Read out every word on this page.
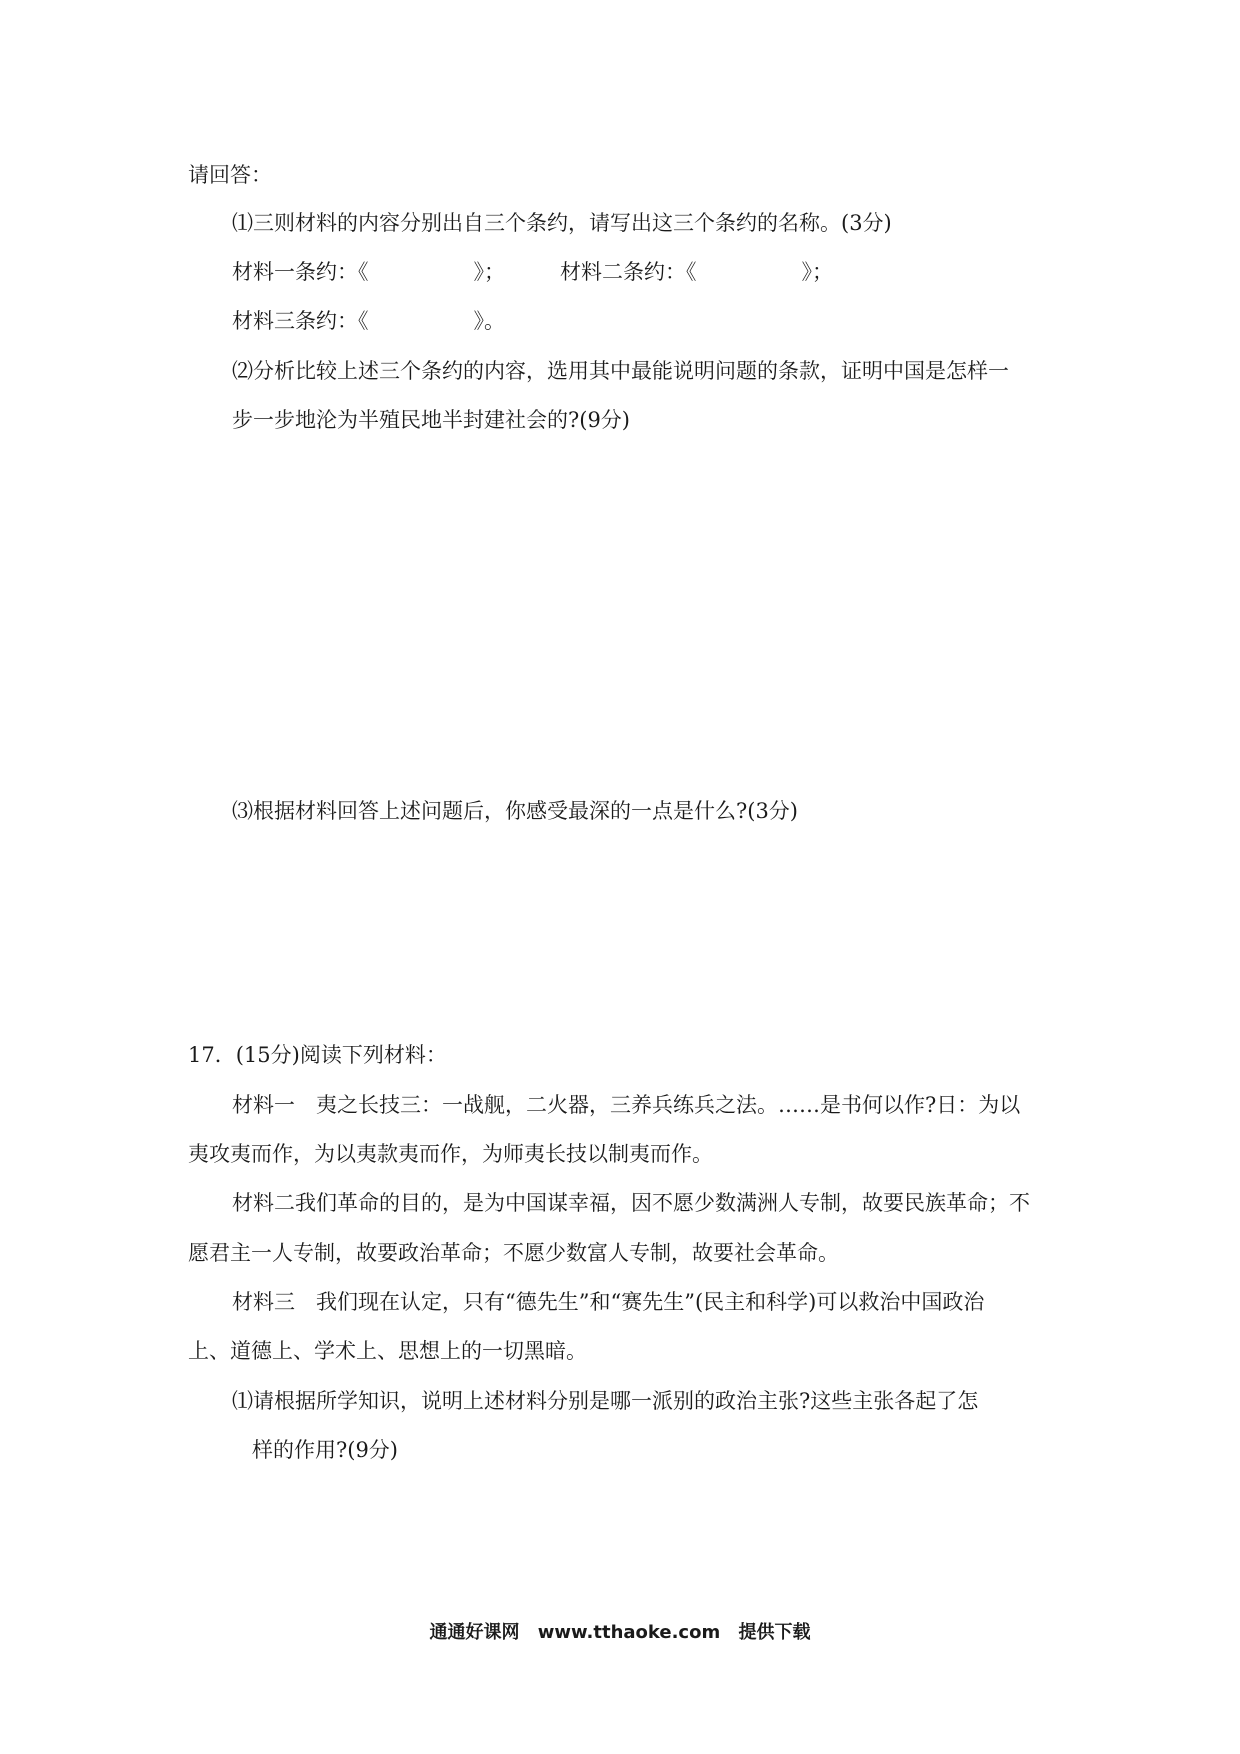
请回答：
⑴三则材料的内容分别出自三个条约，请写出这三个条约的名称。(3分)
材料一条约：《　　　　　》；	材料二条约：《　　　　　》；
材料三条约：《　　　　　》。
⑵分析比较上述三个条约的内容，选用其中最能说明问题的条款，证明中国是怎样一
步一步地沦为半殖民地半封建社会的?(9分)
⑶根据材料回答上述问题后，你感受最深的一点是什么?(3分)
17．(15分)阅读下列材料：
材料一　夷之长技三：一战舰，二火器，三养兵练兵之法。……是书何以作?日：为以
夷攻夷而作，为以夷款夷而作，为师夷长技以制夷而作。
材料二我们革命的目的，是为中国谋幸福，因不愿少数满洲人专制，故要民族革命；不
愿君主一人专制，故要政治革命；不愿少数富人专制，故要社会革命。
材料三　我们现在认定，只有“德先生”和“赛先生”(民主和科学)可以救治中国政治
上、道德上、学术上、思想上的一切黑暗。
⑴请根据所学知识，说明上述材料分别是哪一派别的政治主张?这些主张各起了怎
样的作用?(9分)
通通好课网 www.tthaoke.com 提供下载
